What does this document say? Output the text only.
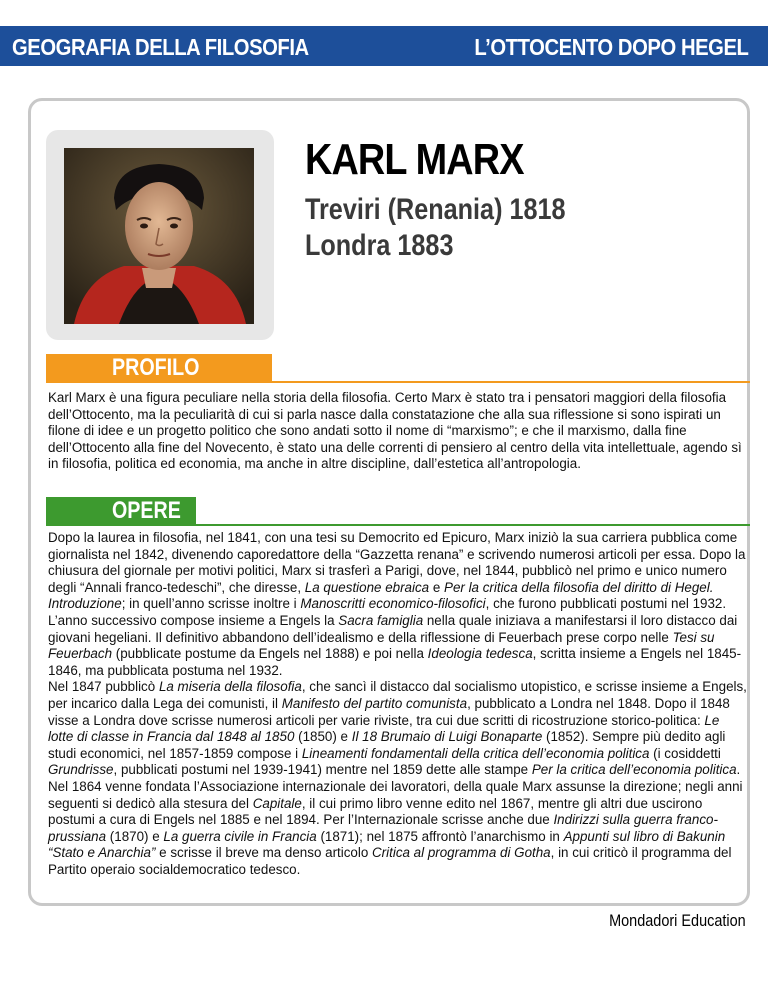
GEOGRAFIA DELLA FILOSOFIA	L’OTTOCENTO DOPO HEGEL
KARL MARX
Treviri (Renania) 1818
Londra 1883
PROFILO
Karl Marx è una figura peculiare nella storia della filosofia. Certo Marx è stato tra i pensatori maggiori della filosofia dell’Ottocento, ma la peculiarità di cui si parla nasce dalla constatazione che alla sua riflessione si sono ispirati un filone di idee e un progetto politico che sono andati sotto il nome di “marxismo”; e che il marxismo, dalla fine dell’Ottocento alla fine del Novecento, è stato una delle correnti di pensiero al centro della vita intellettuale, agendo sì in filosofia, politica ed economia, ma anche in altre discipline, dall’estetica all’antropologia.
OPERE

Dopo la laurea in filosofia, nel 1841, con una tesi su Democrito ed Epicuro, Marx iniziò la sua carriera pubblica come giornalista nel 1842, divenendo caporedattore della “Gazzetta renana” e scrivendo numerosi articoli per essa. Dopo la chiusura del giornale per motivi politici, Marx si trasferì a Parigi, dove, nel 1844, pubblicò nel primo e unico numero degli “Annali franco-tedeschi”, che diresse, La questione ebraica e Per la critica della filosofia del diritto di Hegel. Introduzione; in quell’anno scrisse inoltre i Manoscritti economico-filosofici, che furono pubblicati postumi nel 1932. L’anno successivo compose insieme a Engels la Sacra famiglia nella quale iniziava a manifestarsi il loro distacco dai giovani hegeliani. Il definitivo abbandono dell’idealismo e della riflessione di Feuerbach prese corpo nelle Tesi su Feuerbach (pubblicate postume da Engels nel 1888) e poi nella Ideologia tedesca, scritta insieme a Engels nel 1845-1846, ma pubblicata postuma nel 1932.

Nel 1847 pubblicò La miseria della filosofia, che sancì il distacco dal socialismo utopistico, e scrisse insieme a Engels, per incarico dalla Lega dei comunisti, il Manifesto del partito comunista, pubblicato a Londra nel 1848. Dopo il 1848 visse a Londra dove scrisse numerosi articoli per varie riviste, tra cui due scritti di ricostruzione storico-politica: Le lotte di classe in Francia dal 1848 al 1850 (1850) e Il 18 Brumaio di Luigi Bonaparte (1852). Sempre più dedito agli studi economici, nel 1857-1859 compose i Lineamenti fondamentali della critica dell’economia politica (i cosiddetti Grundrisse, pubblicati postumi nel 1939-1941) mentre nel 1859 dette alle stampe Per la critica dell’economia politica.

Nel 1864 venne fondata l’Associazione internazionale dei lavoratori, della quale Marx assunse la direzione; negli anni seguenti si dedicò alla stesura del Capitale, il cui primo libro venne edito nel 1867, mentre gli altri due uscirono postumi a cura di Engels nel 1885 e nel 1894. Per l’Internazionale scrisse anche due Indirizzi sulla guerra franco-prussiana (1870) e La guerra civile in Francia (1871); nel 1875 affrontò l’anarchismo in Appunti sul libro di Bakunin “Stato e Anarchia” e scrisse il breve ma denso articolo Critica al programma di Gotha, in cui criticò il programma del Partito operaio socialdemocratico tedesco.

Mondadori Education
